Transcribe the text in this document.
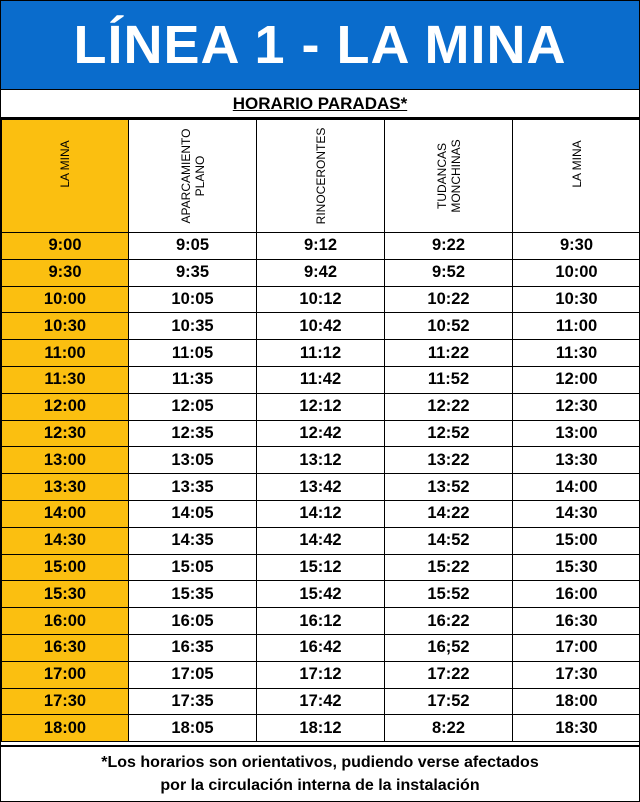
LÍNEA 1 - LA MINA
HORARIO PARADAS*
LA MINA	APARCAMIENTO PLANO	RINOCERONTES	TUDANCAS MONCHINAS	LA MINA

9:00	9:05	9:12	9:22	9:30
9:30	9:35	9:42	9:52	10:00
10:00	10:05	10:12	10:22	10:30
10:30	10:35	10:42	10:52	11:00
11:00	11:05	11:12	11:22	11:30
11:30	11:35	11:42	11:52	12:00
12:00	12:05	12:12	12:22	12:30
12:30	12:35	12:42	12:52	13:00
13:00	13:05	13:12	13:22	13:30
13:30	13:35	13:42	13:52	14:00
14:00	14:05	14:12	14:22	14:30
14:30	14:35	14:42	14:52	15:00
15:00	15:05	15:12	15:22	15:30
15:30	15:35	15:42	15:52	16:00
16:00	16:05	16:12	16:22	16:30
16:30	16:35	16:42	16;52	17:00
17:00	17:05	17:12	17:22	17:30
17:30	17:35	17:42	17:52	18:00
18:00	18:05	18:12	8:22	18:30
*Los horarios son orientativos, pudiendo verse afectados
por la circulación interna de la instalación
